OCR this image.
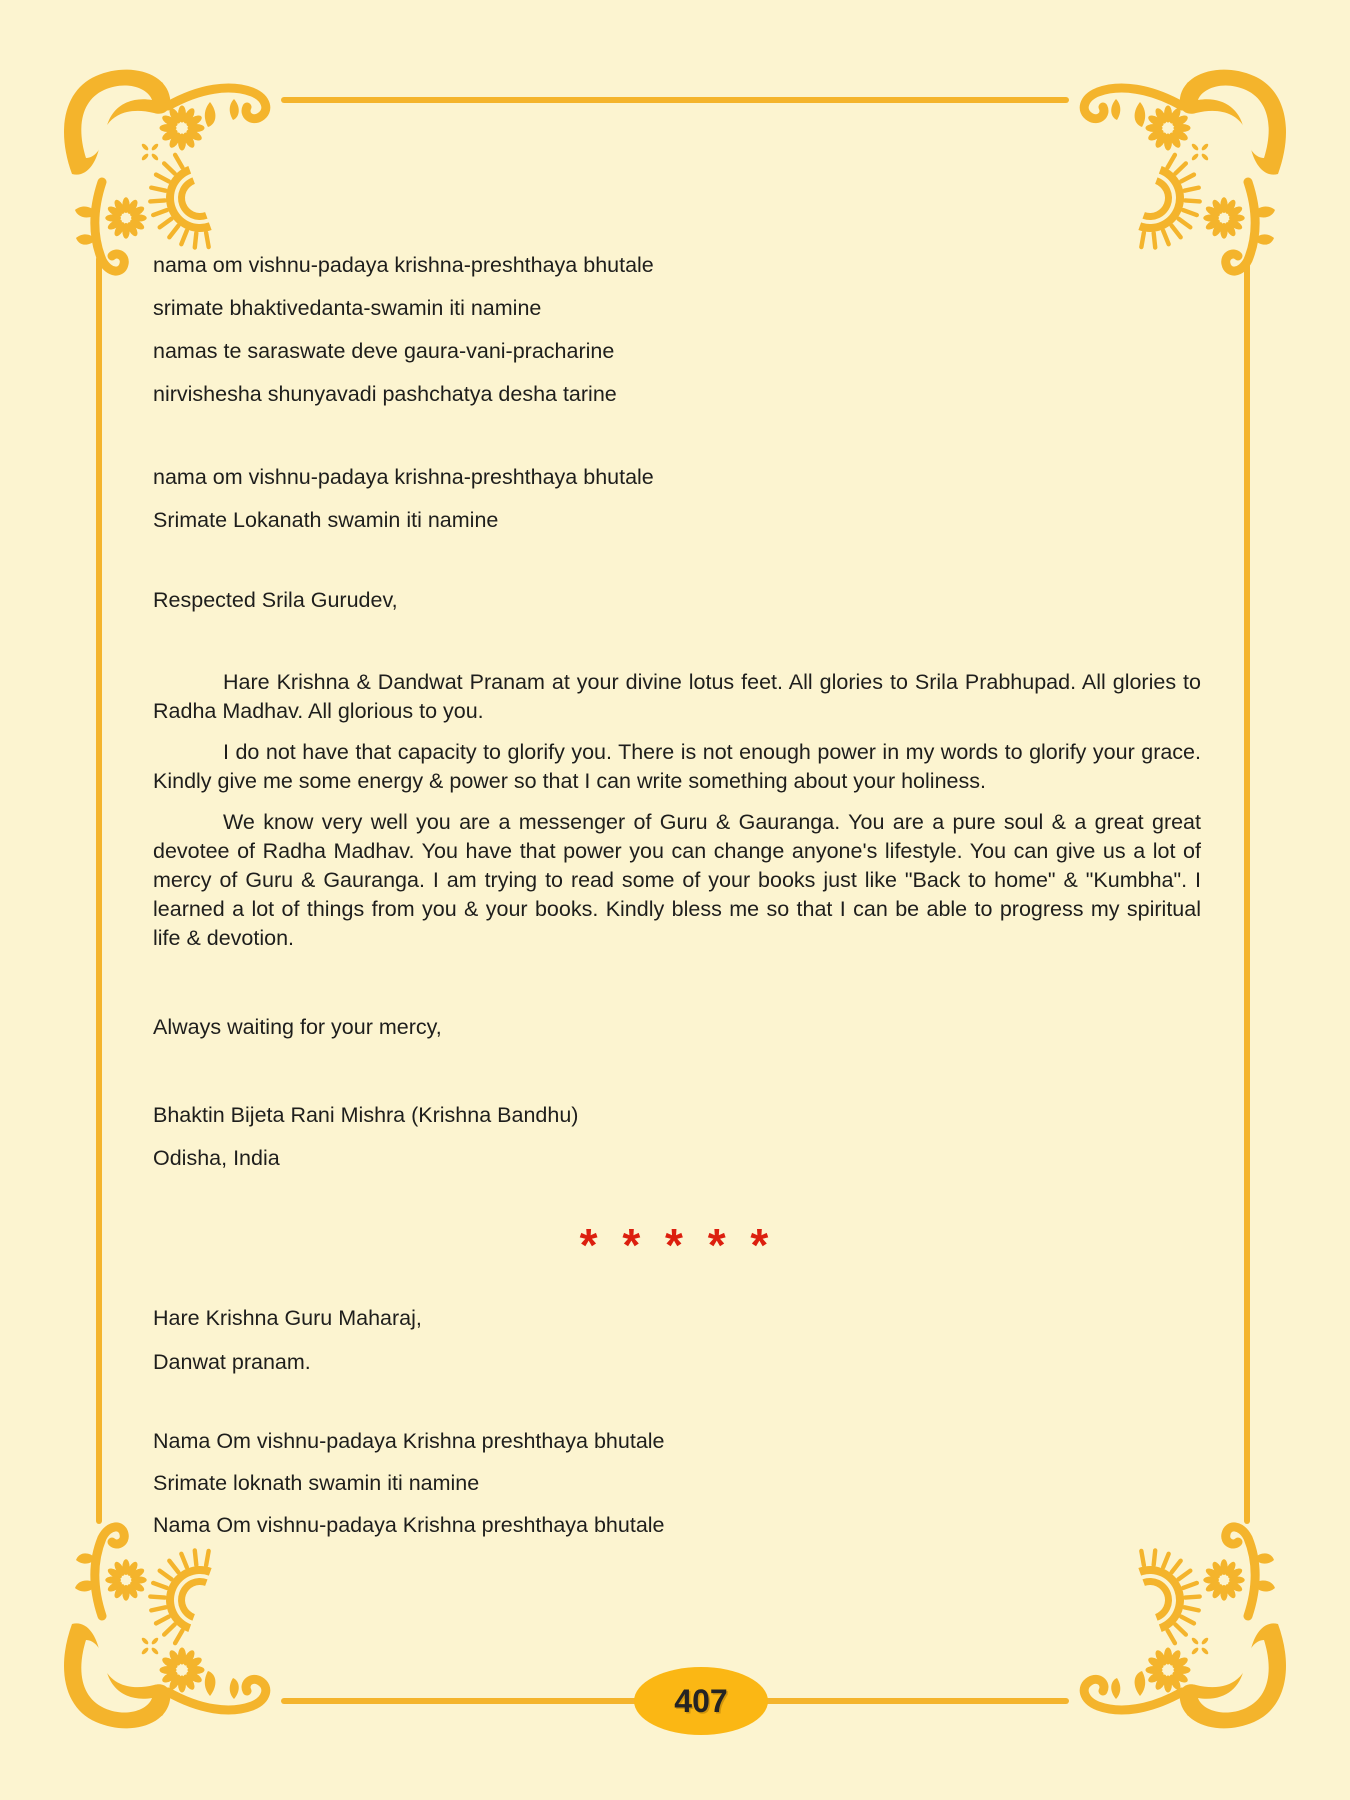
nama om vishnu-padaya krishna-preshthaya bhutale
srimate bhaktivedanta-swamin iti namine
namas te saraswate deve gaura-vani-pracharine
nirvishesha shunyavadi pashchatya desha tarine
nama om vishnu-padaya krishna-preshthaya bhutale
Srimate Lokanath swamin iti namine
Respected Srila Gurudev,

Hare Krishna & Dandwat Pranam at your divine lotus feet. All glories to Srila Prabhupad. All glories to Radha Madhav. All glorious to you.

I do not have that capacity to glorify you. There is not enough power in my words to glorify your grace. Kindly give me some energy & power so that I can write something about your holiness.

We know very well you are a messenger of Guru & Gauranga. You are a pure soul & a great great devotee of Radha Madhav. You have that power you can change anyone's lifestyle. You can give us a lot of mercy of Guru & Gauranga. I am trying to read some of your books just like "Back to home" & "Kumbha". I learned a lot of things from you & your books. Kindly bless me so that I can be able to progress my spiritual life & devotion.

Always waiting for your mercy,
Bhaktin Bijeta Rani Mishra (Krishna Bandhu)
Odisha, India
* * * * *
Hare Krishna Guru Maharaj,
Danwat pranam.
Nama Om vishnu-padaya Krishna preshthaya bhutale
Srimate loknath swamin iti namine
Nama Om vishnu-padaya Krishna preshthaya bhutale
407
